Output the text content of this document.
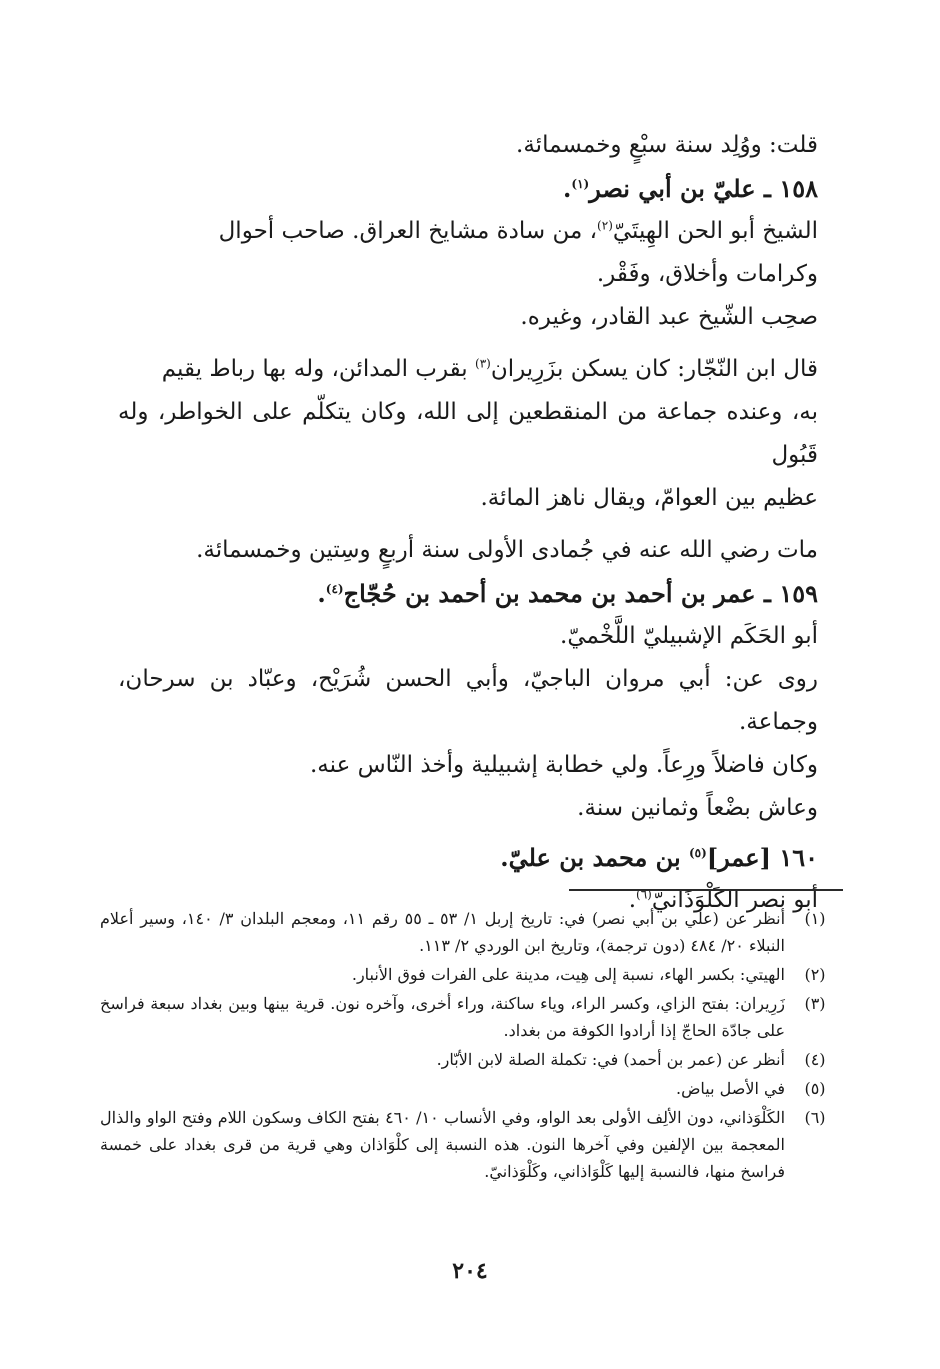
قلت: ووُلِد سنة سبْعٍ وخمسمائة.

١٥٨ ـ عليّ بن أبي نصر$^{(١)}$.

الشيخ أبو الحن الهِيتَيّ$^{(٢)}$، من سادة مشايخ العراق. صاحب أحوال

وكرامات وأخلاق، وفَقْر.

صحِب الشّيخ عبد القادر، وغيره.

قال ابن النّجّار: كان يسكن بزَرِيران$^{(٣)}$ بقرب المدائن، وله بها رباط يقيم

به، وعنده جماعة من المنقطعين إلى الله، وكان يتكلّم على الخواطر، وله قَبُول

عظيم بين العوامّ، ويقال ناهز المائة.

مات رضي الله عنه في جُمادى الأولى سنة أربعٍ وسِتين وخمسمائة.

١٥٩ ـ عمر بن أحمد بن محمد بن أحمد بن حُجّاج$^{(٤)}$.

أبو الحَكَم الإشبيليّ اللَّخْميّ.

روى عن: أبي مروان الباجيّ، وأبي الحسن شُرَيْح، وعبّاد بن سرحان، وجماعة.

وكان فاضلاً ورِعاً. ولي خطابة إشبيلية وأخذ النّاس عنه.

وعاش بضْعاً وثمانين سنة.

١٦٠ [عمر]$^{(٥)}$ بن محمد بن عليّ.

أبو نصر الكَلْوَذَانيّ$^{(٦)}$.

(١)
أنظر عن (علي بن أبي نصر) في: تاريخ إربل ١/ ٥٣ ـ ٥٥ رقم ١١، ومعجم البلدان ٣/ ١٤٠، وسير أعلام النبلاء ٢٠/ ٤٨٤ (دون ترجمة)، وتاريخ ابن الوردي ٢/ ١١٣.
(٢)
الهيتي: بكسر الهاء، نسبة إلى هِيت، مدينة على الفرات فوق الأنبار.
(٣)
زَرِيران: بفتح الزاي، وكسر الراء، وياء ساكنة، وراء أخرى، وآخره نون. قرية بينها وبين بغداد سبعة فراسخ على جادّة الحاجّ إذا أرادوا الكوفة من بغداد.
(٤)
أنظر عن (عمر بن أحمد) في: تكملة الصلة لابن الأبّار.
(٥)
في الأصل بياض.
(٦)
الكَلْوَذاني، دون الألِف الأولى بعد الواو، وفي الأنساب ١٠/ ٤٦٠ بفتح الكاف وسكون اللام وفتح الواو والذال المعجمة بين الإلفين وفي آخرها النون. هذه النسبة إلى كلْوَاذان وهي قرية من قرى بغداد على خمسة فراسخ منها، فالنسبة إليها كَلْوَاذاني، وكَلْوَذانيّ.
٢٠٤
